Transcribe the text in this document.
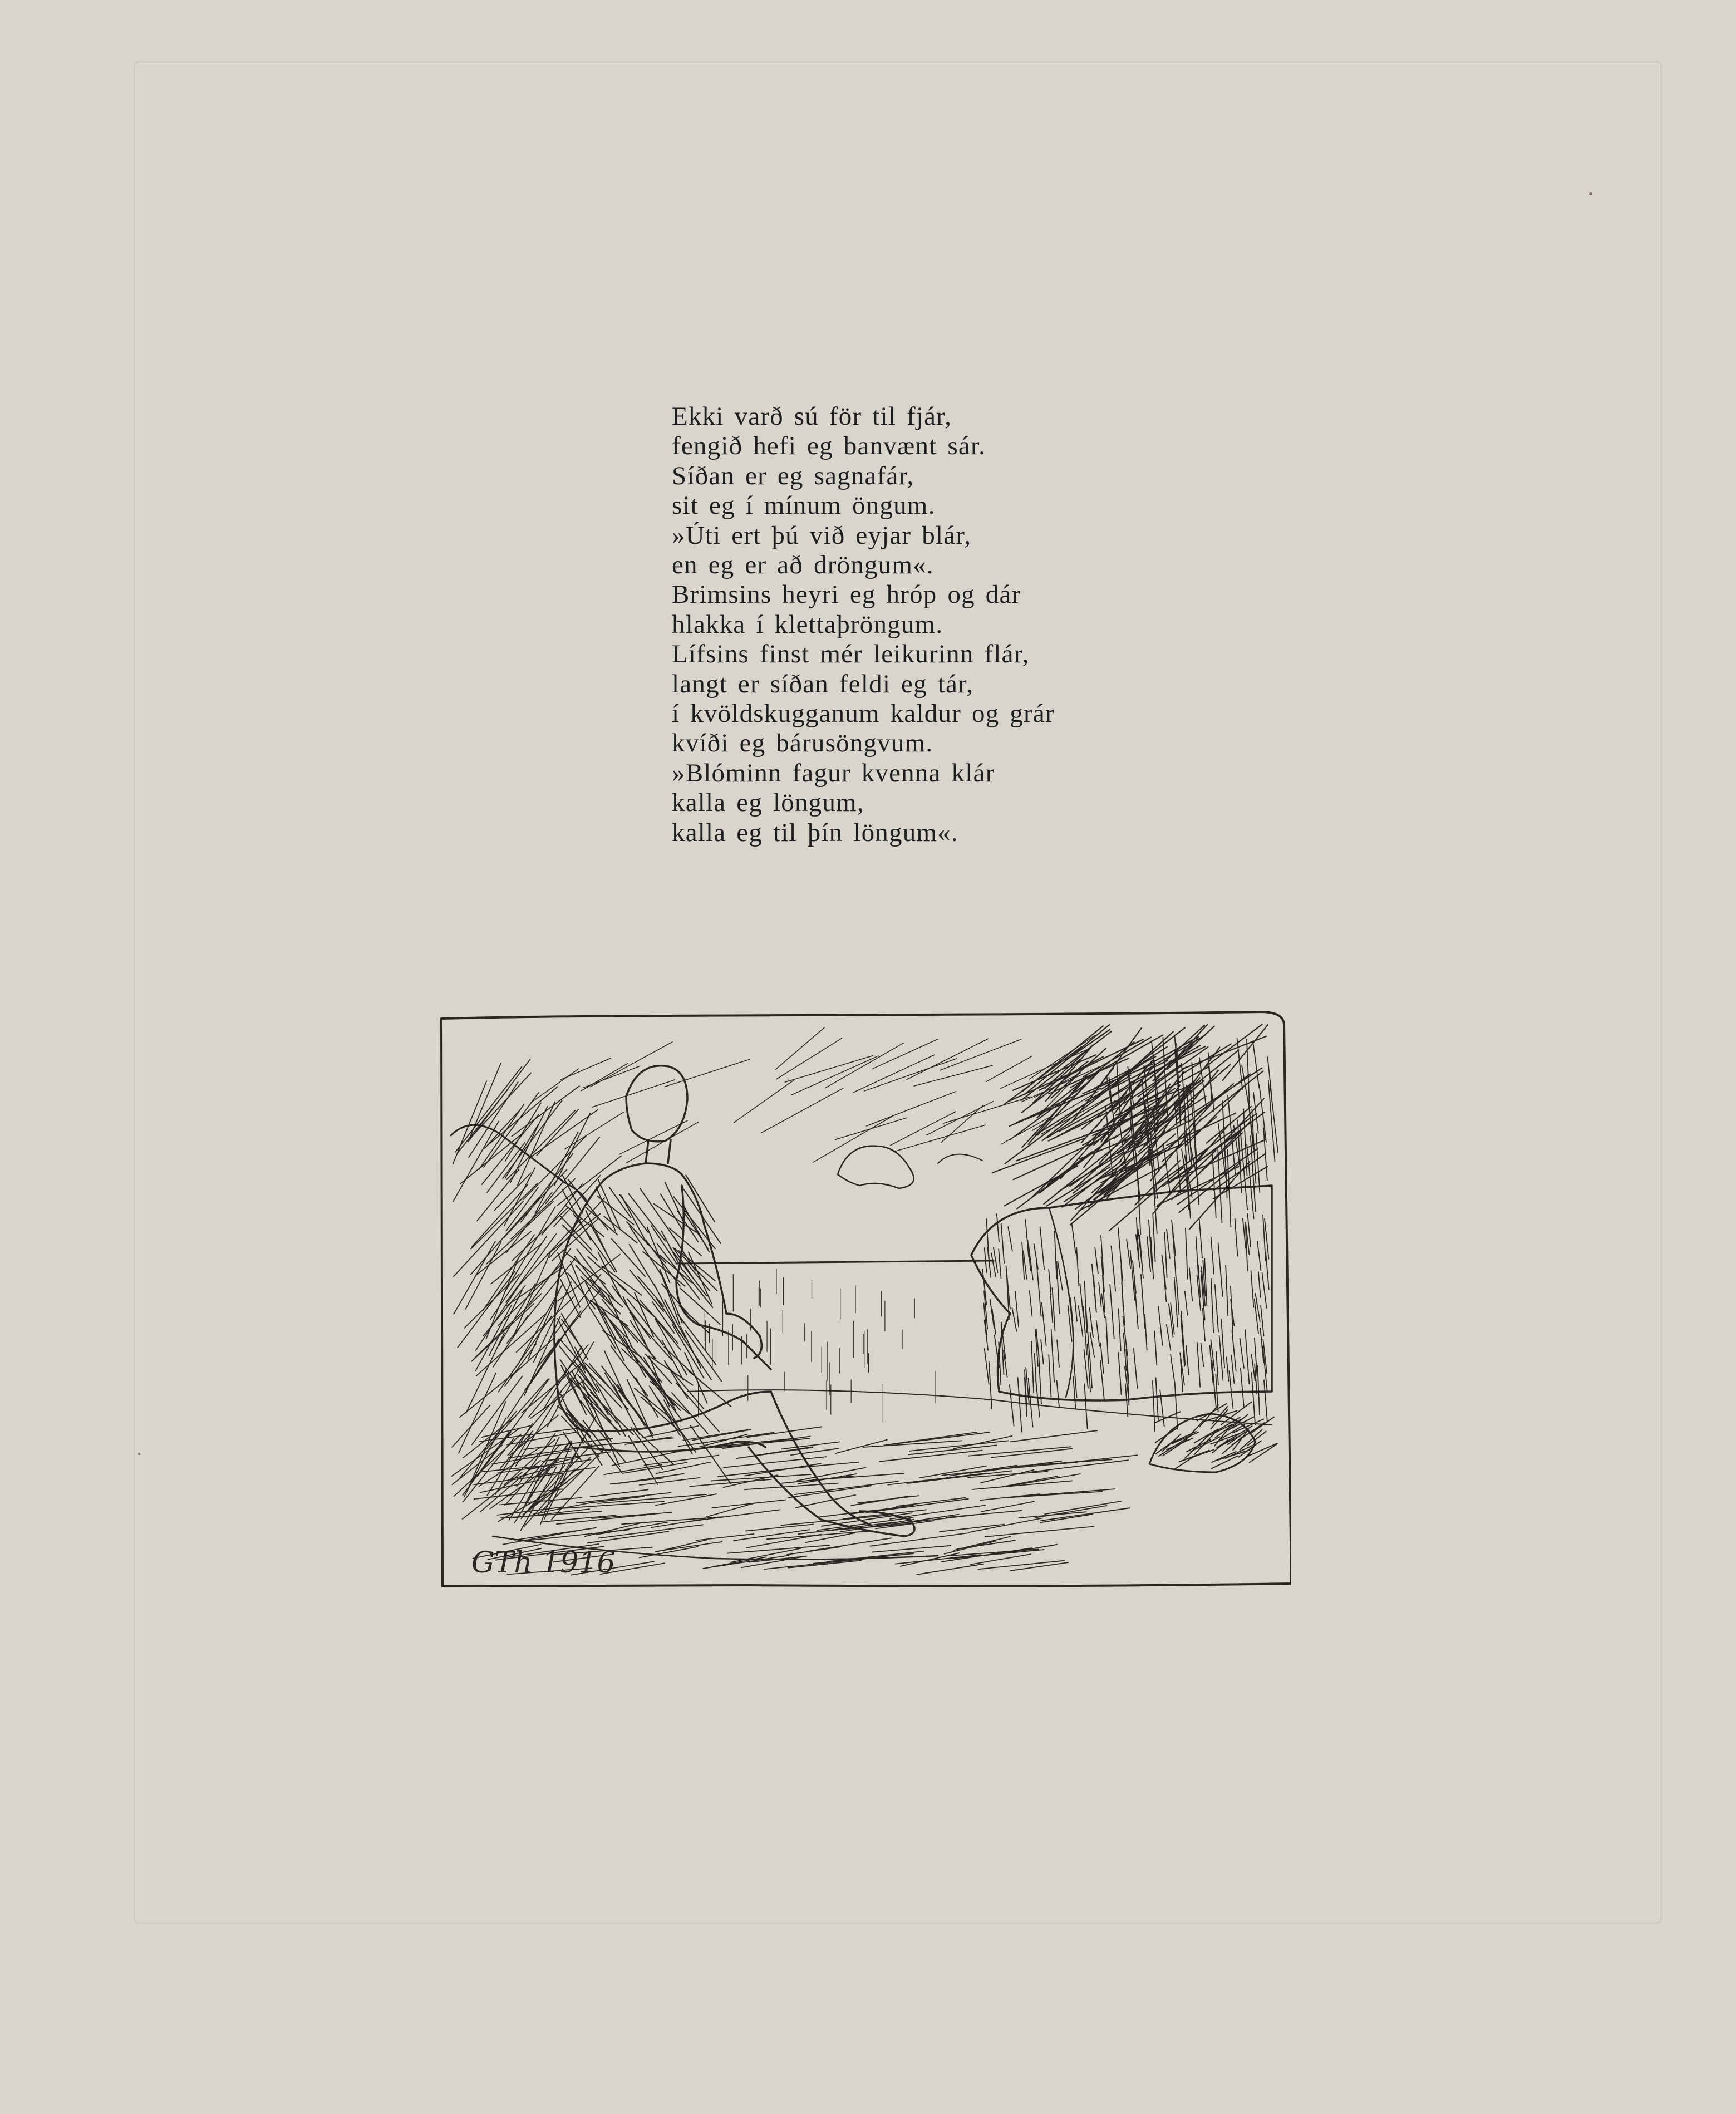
Ekki varð sú för til fjár,
fengið hefi eg banvænt sár.
Síðan er eg sagnafár,
sit eg í mínum öngum.
»Úti ert þú við eyjar blár,
en eg er að dröngum«.
Brimsins heyri eg hróp og dár
hlakka í klettaþröngum.
Lífsins finst mér leikurinn flár,
langt er síðan feldi eg tár,
í kvöldskugganum kaldur og grár
kvíði eg bárusöngvum.
»Blóminn fagur kvenna klár
kalla eg löngum,
kalla eg til þín löngum«.
GTh 1916
